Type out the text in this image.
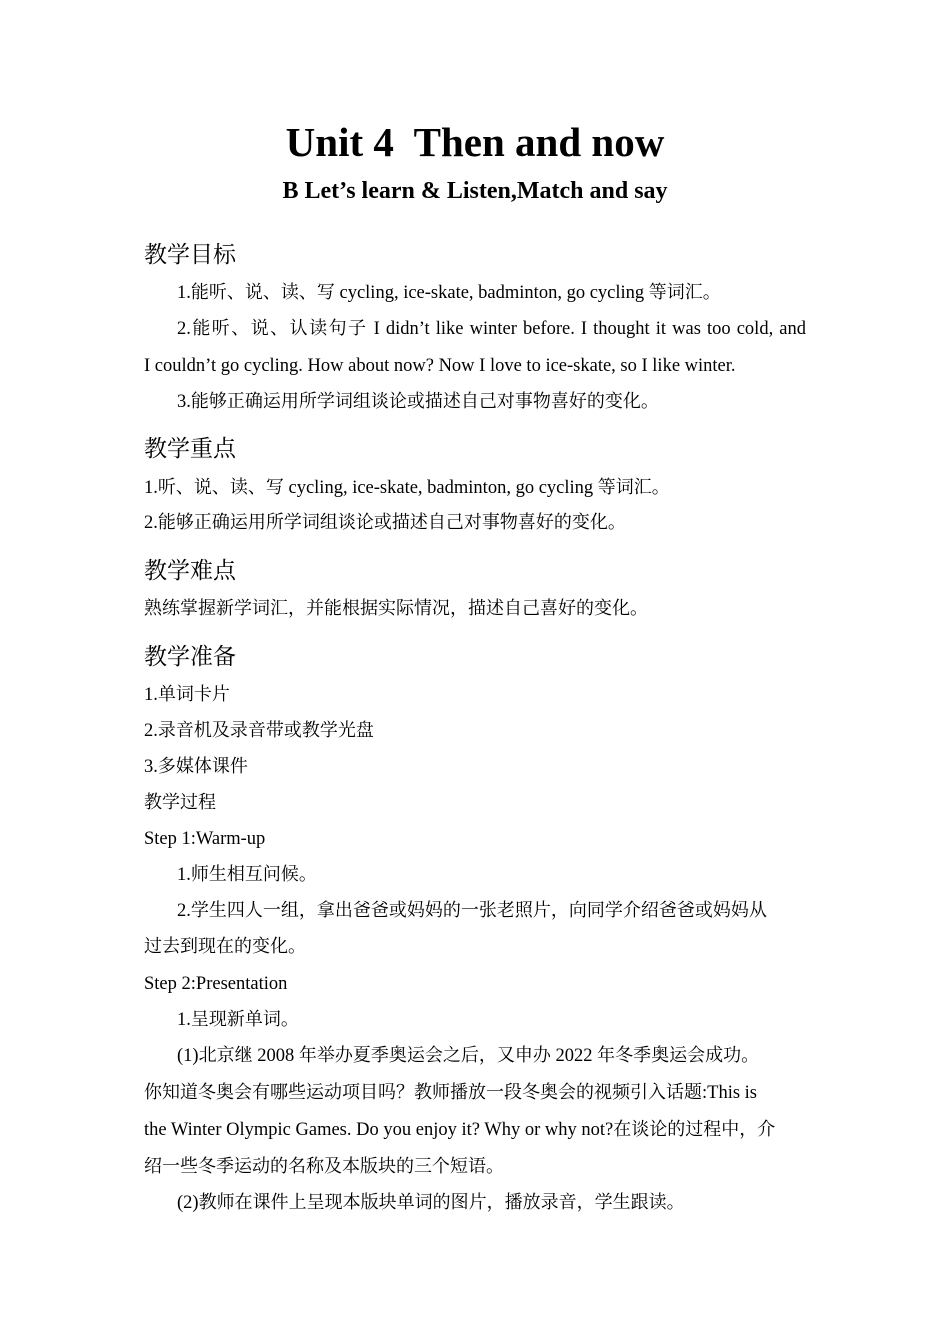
Unit 4  Then and now
B Let’s learn & Listen,Match and say
教学目标
1.能听、说、读、写 cycling, ice-skate, badminton, go cycling 等词汇。
2.能听、说、认读句子 I didn’t like winter before. I thought it was too cold, and
I couldn’t go cycling. How about now? Now I love to ice-skate, so I like winter.
3.能够正确运用所学词组谈论或描述自己对事物喜好的变化。
教学重点
1.听、说、读、写 cycling, ice-skate, badminton, go cycling 等词汇。
2.能够正确运用所学词组谈论或描述自己对事物喜好的变化。
教学难点
熟练掌握新学词汇，并能根据实际情况，描述自己喜好的变化。
教学准备
1.单词卡片
2.录音机及录音带或教学光盘
3.多媒体课件
教学过程
Step 1:Warm-up
1.师生相互问候。
2.学生四人一组，拿出爸爸或妈妈的一张老照片，向同学介绍爸爸或妈妈从
过去到现在的变化。
Step 2:Presentation
1.呈现新单词。
(1)北京继 2008 年举办夏季奥运会之后，又申办 2022 年冬季奥运会成功。
你知道冬奥会有哪些运动项目吗？教师播放一段冬奥会的视频引入话题:This is
the Winter Olympic Games. Do you enjoy it? Why or why not?在谈论的过程中，介
绍一些冬季运动的名称及本版块的三个短语。
(2)教师在课件上呈现本版块单词的图片，播放录音，学生跟读。
